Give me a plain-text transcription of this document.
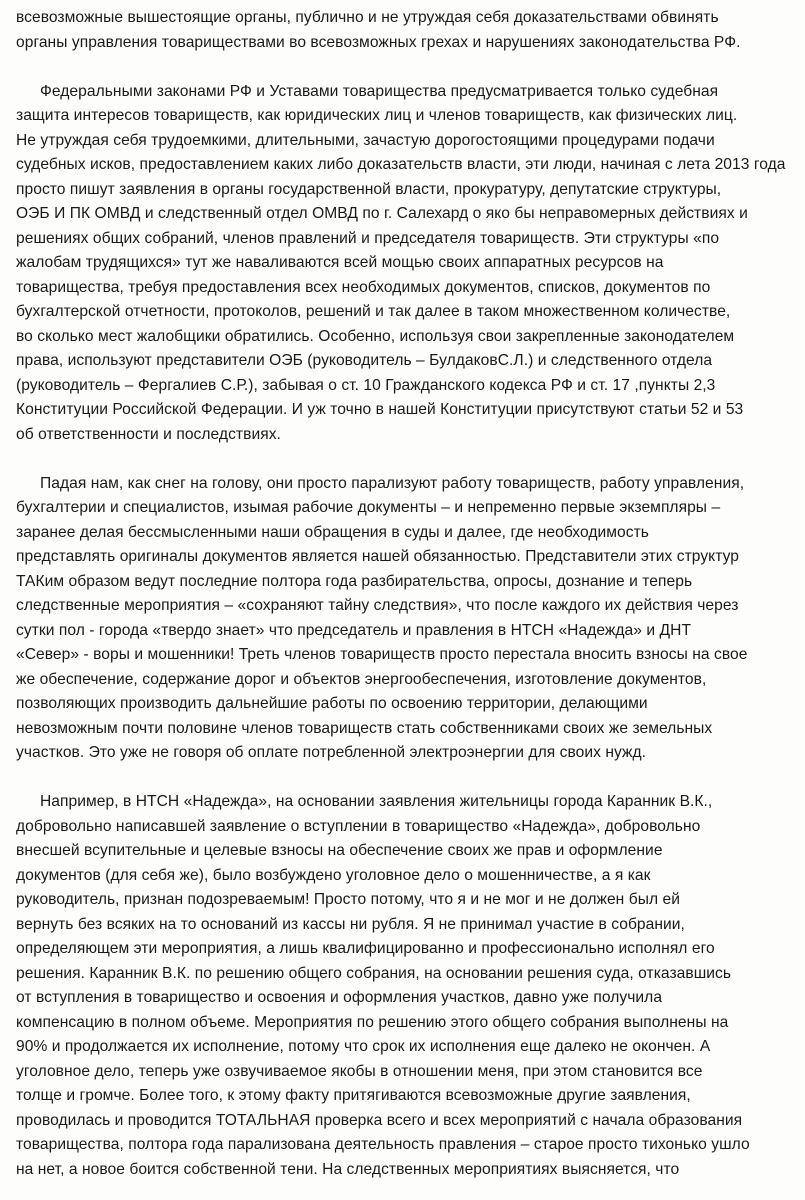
всевозможные вышестоящие органы, публично и не утруждая себя доказательствами обвинять
органы управления товариществами во всевозможных грехах и нарушениях законодательства РФ.

Федеральными законами РФ и Уставами товарищества предусматривается только судебная
защита интересов товариществ, как юридических лиц и членов товариществ, как физических лиц.
Не утруждая себя трудоемкими, длительными, зачастую дорогостоящими процедурами подачи
судебных исков, предоставлением каких либо доказательств власти, эти люди, начиная с лета 2013 года
просто пишут заявления в органы государственной власти, прокуратуру, депутатские структуры,
ОЭБ И ПК ОМВД и следственный отдел ОМВД по г. Салехард о яко бы неправомерных действиях и
решениях общих собраний, членов правлений и председателя товариществ. Эти структуры «по
жалобам трудящихся» тут же наваливаются всей мощью своих аппаратных ресурсов на
товарищества, требуя предоставления всех необходимых документов, списков, документов по
бухгалтерской отчетности, протоколов, решений и так далее в таком множественном количестве,
во сколько мест жалобщики обратились. Особенно, используя свои закрепленные законодателем
права, используют представители ОЭБ (руководитель – БулдаковС.Л.) и следственного отдела
(руководитель – Фергалиев С.Р.), забывая о ст. 10 Гражданского кодекса РФ и ст. 17 ,пункты 2,3
Конституции Российской Федерации. И уж точно в нашей Конституции присутствуют статьи 52 и 53
об ответственности и последствиях.

Падая нам, как снег на голову, они просто парализуют работу товариществ, работу управления,
бухгалтерии и специалистов, изымая рабочие документы – и непременно первые экземпляры –
заранее делая бессмысленными наши обращения в суды и далее, где необходимость
представлять оригиналы документов является нашей обязанностью. Представители этих структур
ТАКим образом ведут последние полтора года разбирательства, опросы, дознание и теперь
следственные мероприятия – «сохраняют тайну следствия», что после каждого их действия через
сутки пол - города «твердо знает» что председатель и правления в НТСН «Надежда» и ДНТ
«Север» - воры и мошенники! Треть членов товариществ просто перестала вносить взносы на свое
же обеспечение, содержание дорог и объектов энергообеспечения, изготовление документов,
позволяющих производить дальнейшие работы по освоению территории, делающими
невозможным почти половине членов товариществ стать собственниками своих же земельных
участков. Это уже не говоря об оплате потребленной электроэнергии для своих нужд.

Например, в НТСН «Надежда», на основании заявления жительницы города Каранник В.К.,
добровольно написавшей заявление о вступлении в товарищество «Надежда», добровольно
внесшей всупительные и целевые взносы на обеспечение своих же прав и оформление
документов (для себя же), было возбуждено уголовное дело о мошенничестве, а я как
руководитель, признан подозреваемым! Просто потому, что я и не мог и не должен был ей
вернуть без всяких на то оснований из кассы ни рубля. Я не принимал участие в собрании,
определяющем эти мероприятия, а лишь квалифицированно и профессионально исполнял его
решения. Каранник В.К. по решению общего собрания, на основании решения суда, отказавшись
от вступления в товарищество и освоения и оформления участков, давно уже получила
компенсацию в полном объеме. Мероприятия по решению этого общего собрания выполнены на
90% и продолжается их исполнение, потому что срок их исполнения еще далеко не окончен. А
уголовное дело, теперь уже озвучиваемое якобы в отношении меня, при этом становится все
толще и громче. Более того, к этому факту притягиваются всевозможные другие заявления,
проводилась и проводится ТОТАЛЬНАЯ проверка всего и всех мероприятий с начала образования
товарищества, полтора года парализована деятельность правления – старое просто тихонько ушло
на нет, а новое боится собственной тени. На следственных мероприятиях выясняется, что
